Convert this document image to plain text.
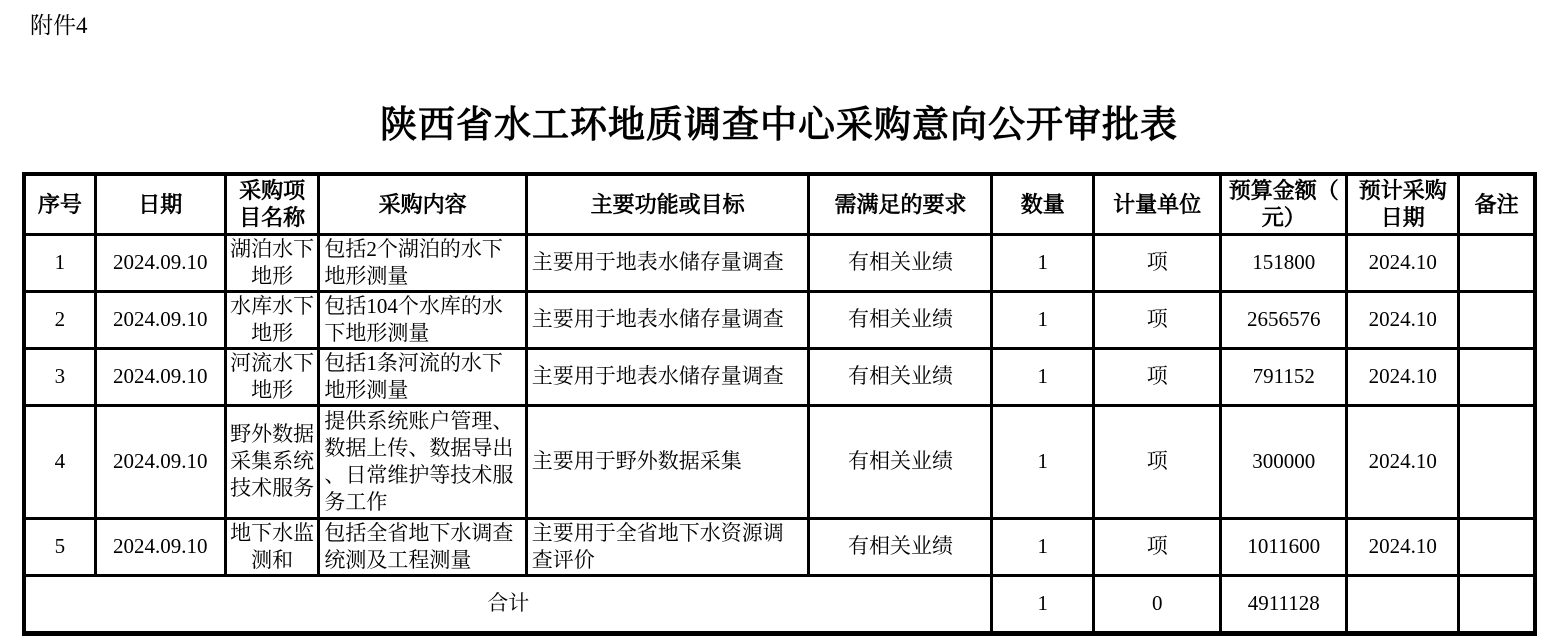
附件4
陕西省水工环地质调查中心采购意向公开审批表
序号	日期	采购项目名称	采购内容	主要功能或目标	需满足的要求	数量	计量单位	预算金额（元）	预计采购日期	备注
1	2024.09.10	湖泊水下地形	包括2个湖泊的水下地形测量	主要用于地表水储存量调查	有相关业绩	1	项	151800	2024.10	
2	2024.09.10	水库水下地形	包括104个水库的水下地形测量	主要用于地表水储存量调查	有相关业绩	1	项	2656576	2024.10	
3	2024.09.10	河流水下地形	包括1条河流的水下地形测量	主要用于地表水储存量调查	有相关业绩	1	项	791152	2024.10	
4	2024.09.10	野外数据采集系统技术服务	提供系统账户管理、数据上传、数据导出、日常维护等技术服务工作	主要用于野外数据采集	有相关业绩	1	项	300000	2024.10	
5	2024.09.10	地下水监测和	包括全省地下水调查统测及工程测量	主要用于全省地下水资源调查评价	有相关业绩	1	项	1011600	2024.10	
合计						1	0	4911128		
